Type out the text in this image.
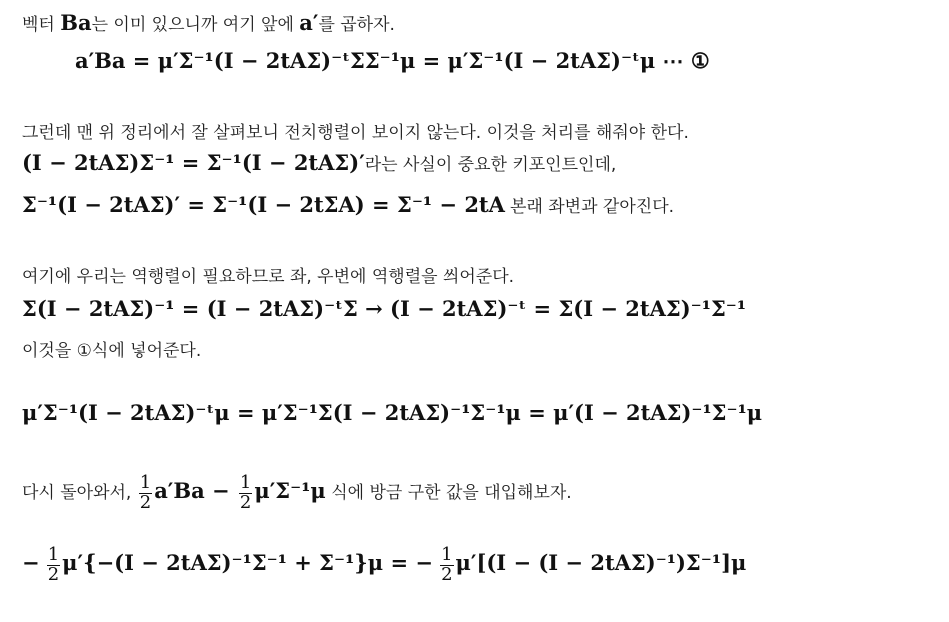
벡터 Ba는 이미 있으니까 여기 앞에 a′를 곱하자.
a′Ba = μ′Σ⁻¹(I − 2tAΣ)⁻ᵗΣΣ⁻¹μ = μ′Σ⁻¹(I − 2tAΣ)⁻ᵗμ ⋯ ①
그런데 맨 위 정리에서 잘 살펴보니 전치행렬이 보이지 않는다. 이것을 처리를 해줘야 한다.
(I − 2tAΣ)Σ⁻¹ = Σ⁻¹(I − 2tAΣ)′라는 사실이 중요한 키포인트인데,
Σ⁻¹(I − 2tAΣ)′ = Σ⁻¹(I − 2tΣA) = Σ⁻¹ − 2tA 본래 좌변과 같아진다.
여기에 우리는 역행렬이 필요하므로 좌, 우변에 역행렬을 씌어준다.
Σ(I − 2tAΣ)⁻¹ = (I − 2tAΣ)⁻ᵗΣ → (I − 2tAΣ)⁻ᵗ = Σ(I − 2tAΣ)⁻¹Σ⁻¹
이것을 ①식에 넣어준다.
μ′Σ⁻¹(I − 2tAΣ)⁻ᵗμ = μ′Σ⁻¹Σ(I − 2tAΣ)⁻¹Σ⁻¹μ = μ′(I − 2tAΣ)⁻¹Σ⁻¹μ
다시 돌아와서, $\frac{1}{2} a'Ba - \frac{1}{2} \mu'\Sigma^{-1}\mu$ 식에 방금 구한 값을 대입해보자.
− $\frac{1}{2} \mu'\{-(I - 2tA\Sigma)^{-1}\Sigma^{-1} + \Sigma^{-1}\}\mu$ = − $\frac{1}{2} \mu'[(I - (I - 2tA\Sigma)^{-1})\Sigma^{-1}]\mu$
